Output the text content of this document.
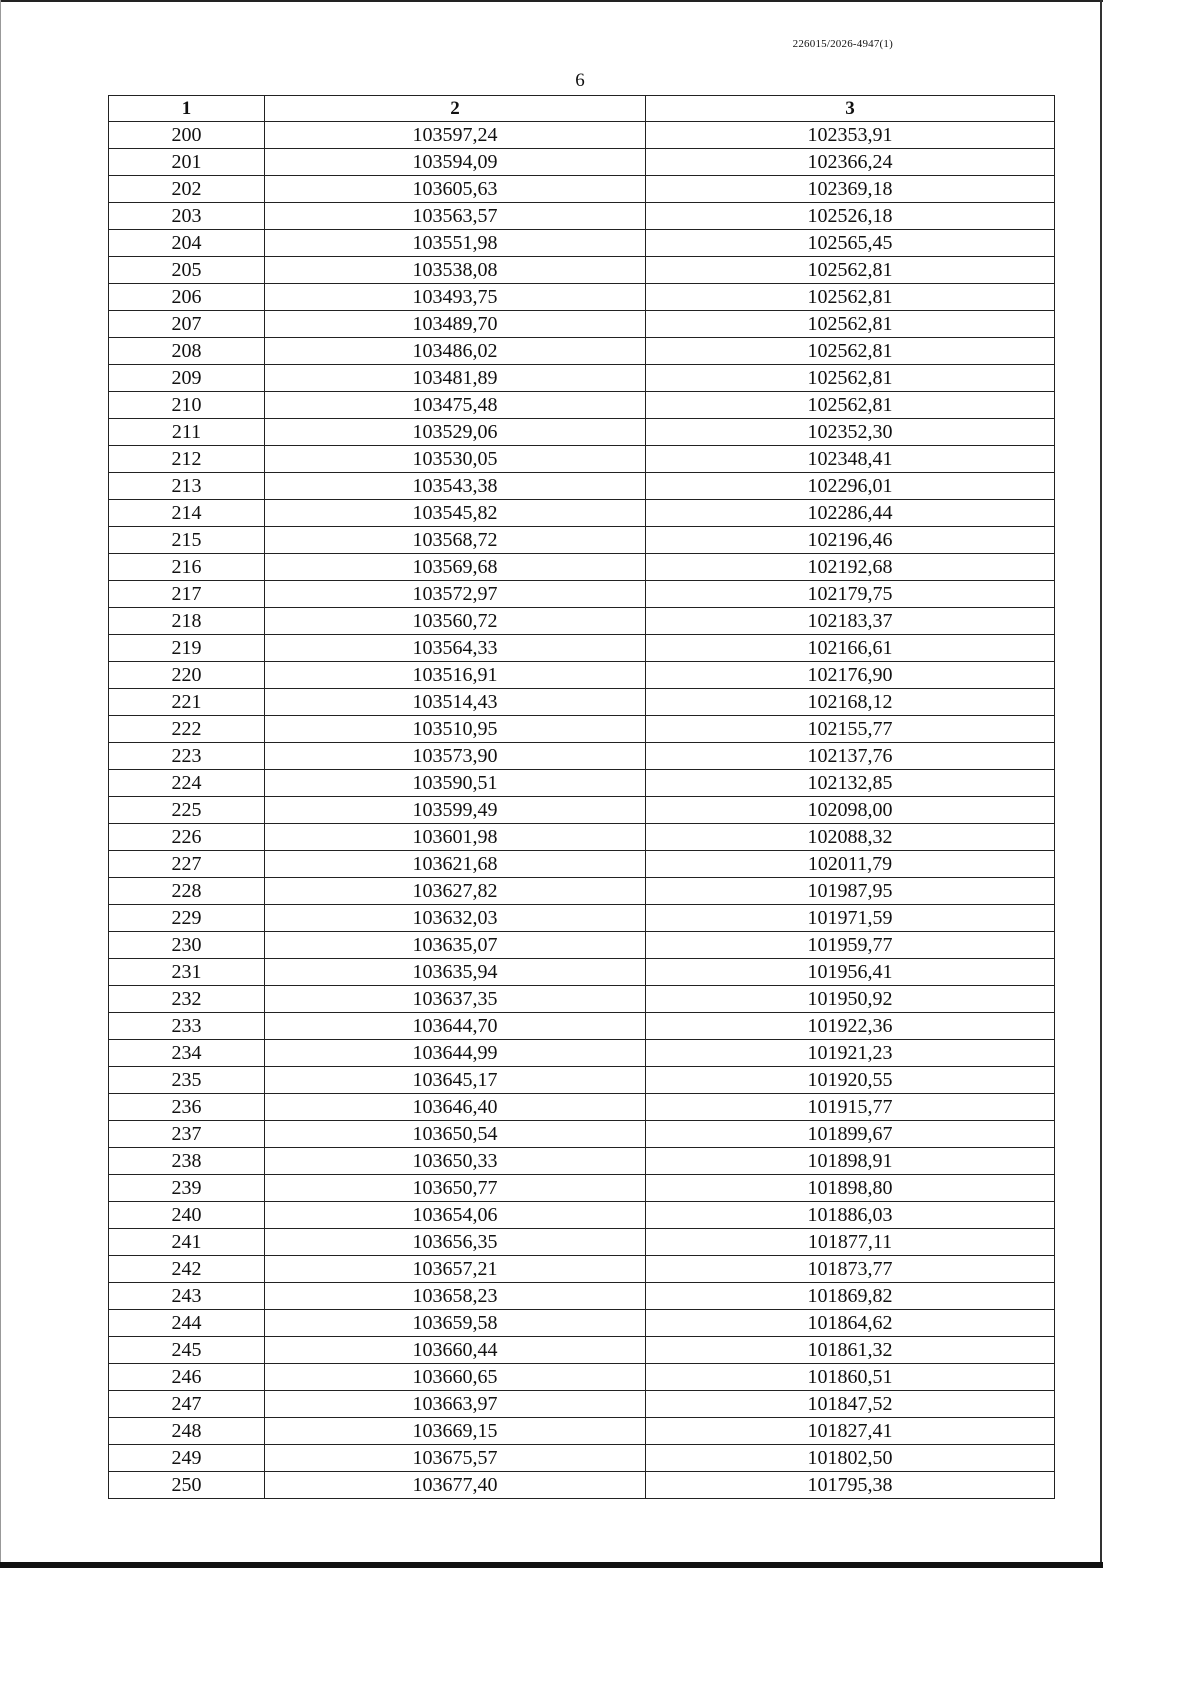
226015/2026-4947(1)
6
1	2	3
200	103597,24	102353,91
201	103594,09	102366,24
202	103605,63	102369,18
203	103563,57	102526,18
204	103551,98	102565,45
205	103538,08	102562,81
206	103493,75	102562,81
207	103489,70	102562,81
208	103486,02	102562,81
209	103481,89	102562,81
210	103475,48	102562,81
211	103529,06	102352,30
212	103530,05	102348,41
213	103543,38	102296,01
214	103545,82	102286,44
215	103568,72	102196,46
216	103569,68	102192,68
217	103572,97	102179,75
218	103560,72	102183,37
219	103564,33	102166,61
220	103516,91	102176,90
221	103514,43	102168,12
222	103510,95	102155,77
223	103573,90	102137,76
224	103590,51	102132,85
225	103599,49	102098,00
226	103601,98	102088,32
227	103621,68	102011,79
228	103627,82	101987,95
229	103632,03	101971,59
230	103635,07	101959,77
231	103635,94	101956,41
232	103637,35	101950,92
233	103644,70	101922,36
234	103644,99	101921,23
235	103645,17	101920,55
236	103646,40	101915,77
237	103650,54	101899,67
238	103650,33	101898,91
239	103650,77	101898,80
240	103654,06	101886,03
241	103656,35	101877,11
242	103657,21	101873,77
243	103658,23	101869,82
244	103659,58	101864,62
245	103660,44	101861,32
246	103660,65	101860,51
247	103663,97	101847,52
248	103669,15	101827,41
249	103675,57	101802,50
250	103677,40	101795,38
